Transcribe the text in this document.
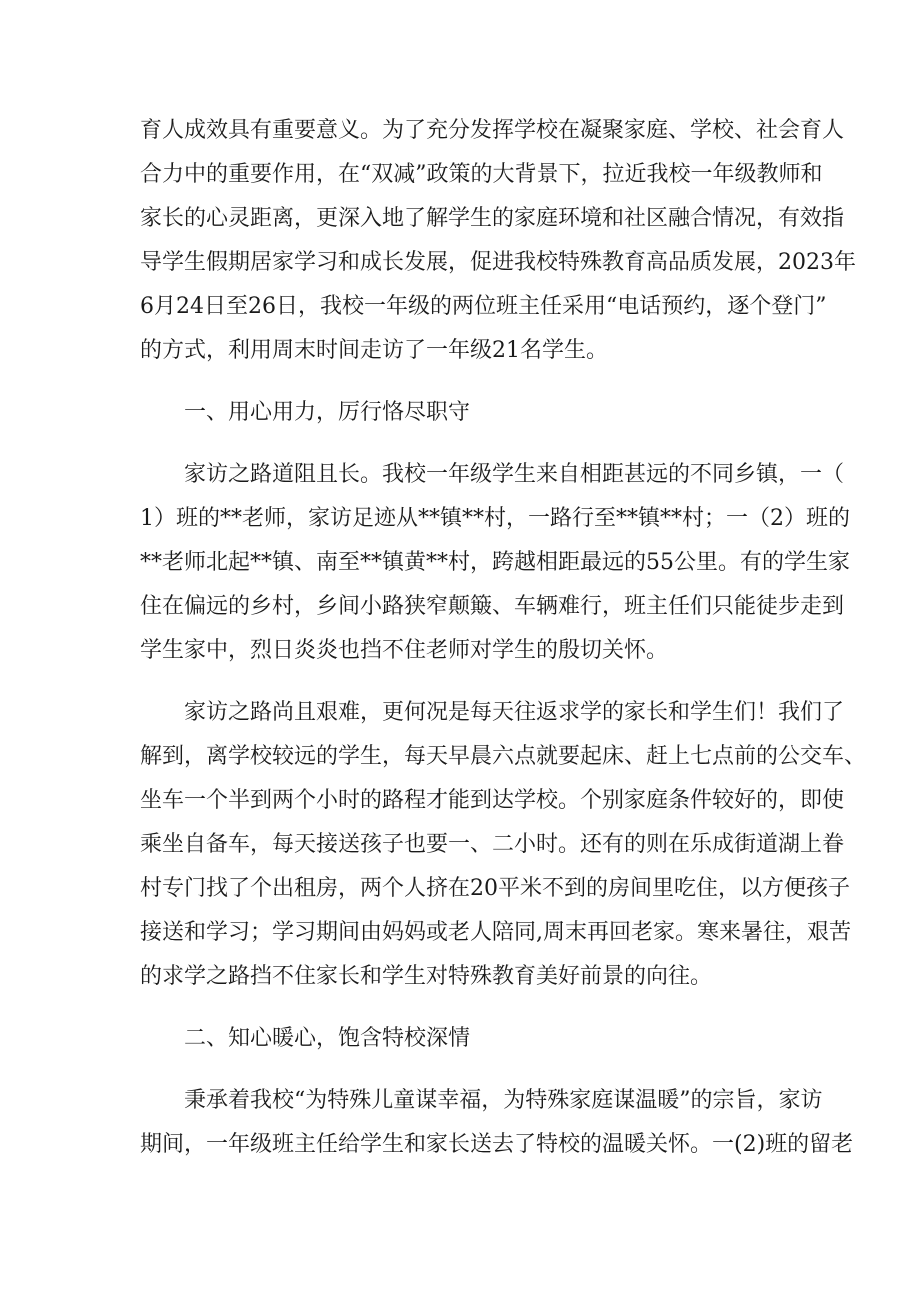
育人成效具有重要意义。为了充分发挥学校在凝聚家庭、学校、社会育人
合力中的重要作用，在“双减”政策的大背景下，拉近我校一年级教师和
家长的心灵距离，更深入地了解学生的家庭环境和社区融合情况，有效指
导学生假期居家学习和成长发展，促进我校特殊教育高品质发展，2023年
6月24日至26日，我校一年级的两位班主任采用“电话预约，逐个登门”
的方式，利用周末时间走访了一年级21名学生。
一、用心用力，厉行恪尽职守
家访之路道阻且长。我校一年级学生来自相距甚远的不同乡镇，一（
1）班的**老师，家访足迹从**镇**村，一路行至**镇**村；一（2）班的
**老师北起**镇、南至**镇黄**村，跨越相距最远的55公里。有的学生家
住在偏远的乡村，乡间小路狭窄颠簸、车辆难行，班主任们只能徒步走到
学生家中，烈日炎炎也挡不住老师对学生的殷切关怀。
家访之路尚且艰难，更何况是每天往返求学的家长和学生们！我们了
解到，离学校较远的学生，每天早晨六点就要起床、赶上七点前的公交车、
坐车一个半到两个小时的路程才能到达学校。个别家庭条件较好的，即使
乘坐自备车，每天接送孩子也要一、二小时。还有的则在乐成街道湖上眷
村专门找了个出租房，两个人挤在20平米不到的房间里吃住，以方便孩子
接送和学习；学习期间由妈妈或老人陪同,周末再回老家。寒来暑往，艰苦
的求学之路挡不住家长和学生对特殊教育美好前景的向往。
二、知心暖心，饱含特校深情
秉承着我校“为特殊儿童谋幸福，为特殊家庭谋温暖”的宗旨，家访
期间，一年级班主任给学生和家长送去了特校的温暖关怀。一(2)班的留老
